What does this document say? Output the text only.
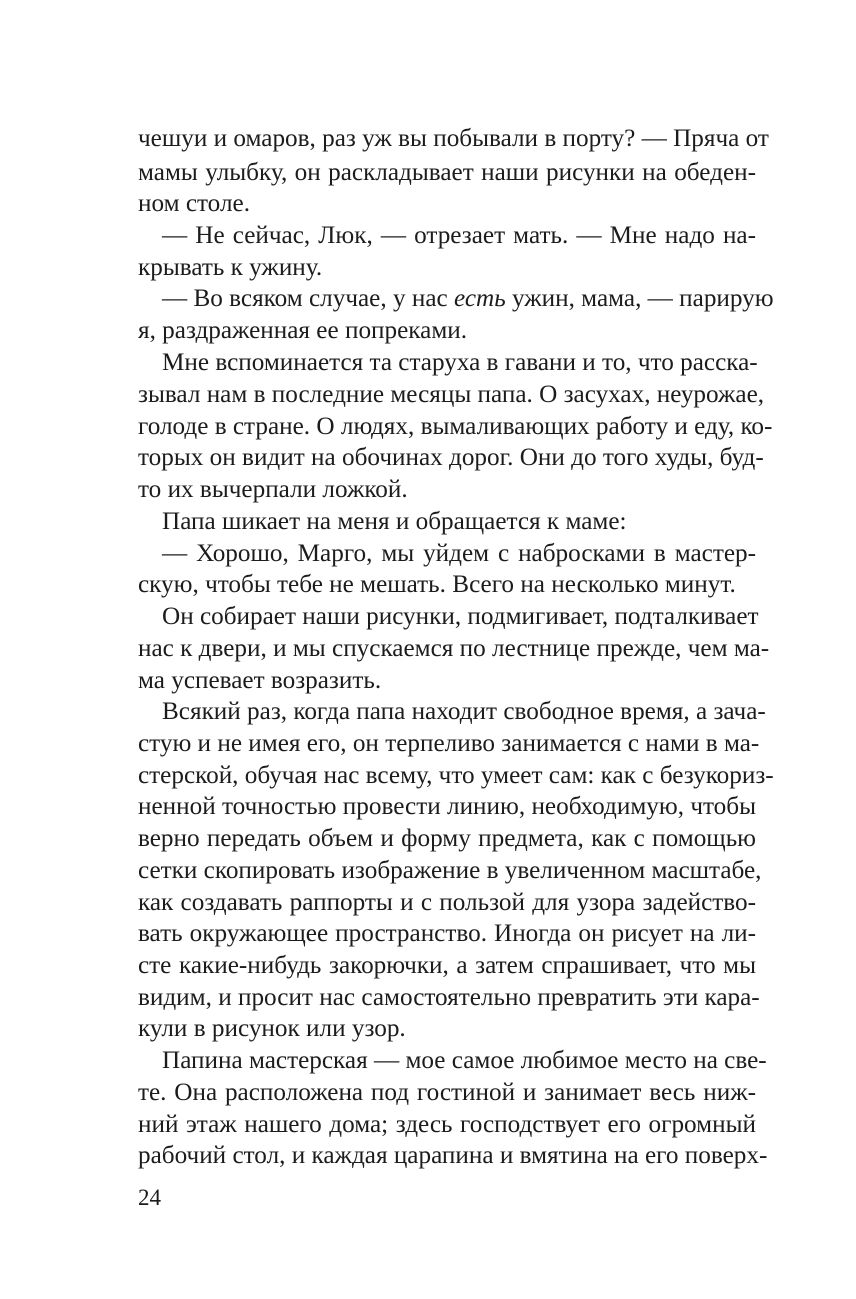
чешуи и омаров, раз уж вы побывали в порту? — Пряча от
мамы улыбку, он раскладывает наши рисунки на обеден-
ном столе.
— Не сейчас, Люк, — отрезает мать. — Мне надо на-
крывать к ужину.
— Во всяком случае, у нас есть ужин, мама, — парирую
я, раздраженная ее попреками.
Мне вспоминается та старуха в гавани и то, что расска-
зывал нам в последние месяцы папа. О засухах, неурожае,
голоде в стране. О людях, вымаливающих работу и еду, ко-
торых он видит на обочинах дорог. Они до того худы, буд-
то их вычерпали ложкой.
Папа шикает на меня и обращается к маме:
— Хорошо, Марго, мы уйдем с набросками в мастер-
скую, чтобы тебе не мешать. Всего на несколько минут.
Он собирает наши рисунки, подмигивает, подталкивает
нас к двери, и мы спускаемся по лестнице прежде, чем ма-
ма успевает возразить.
Всякий раз, когда папа находит свободное время, а зача-
стую и не имея его, он терпеливо занимается с нами в ма-
стерской, обучая нас всему, что умеет сам: как с безукориз-
ненной точностью провести линию, необходимую, чтобы
верно передать объем и форму предмета, как с помощью
сетки скопировать изображение в увеличенном масштабе,
как создавать раппорты и с пользой для узора задейство-
вать окружающее пространство. Иногда он рисует на ли-
сте какие-нибудь закорючки, а затем спрашивает, что мы
видим, и просит нас самостоятельно превратить эти кара-
кули в рисунок или узор.
Папина мастерская — мое самое любимое место на све-
те. Она расположена под гостиной и занимает весь ниж-
ний этаж нашего дома; здесь господствует его огромный
рабочий стол, и каждая царапина и вмятина на его поверх-
24
